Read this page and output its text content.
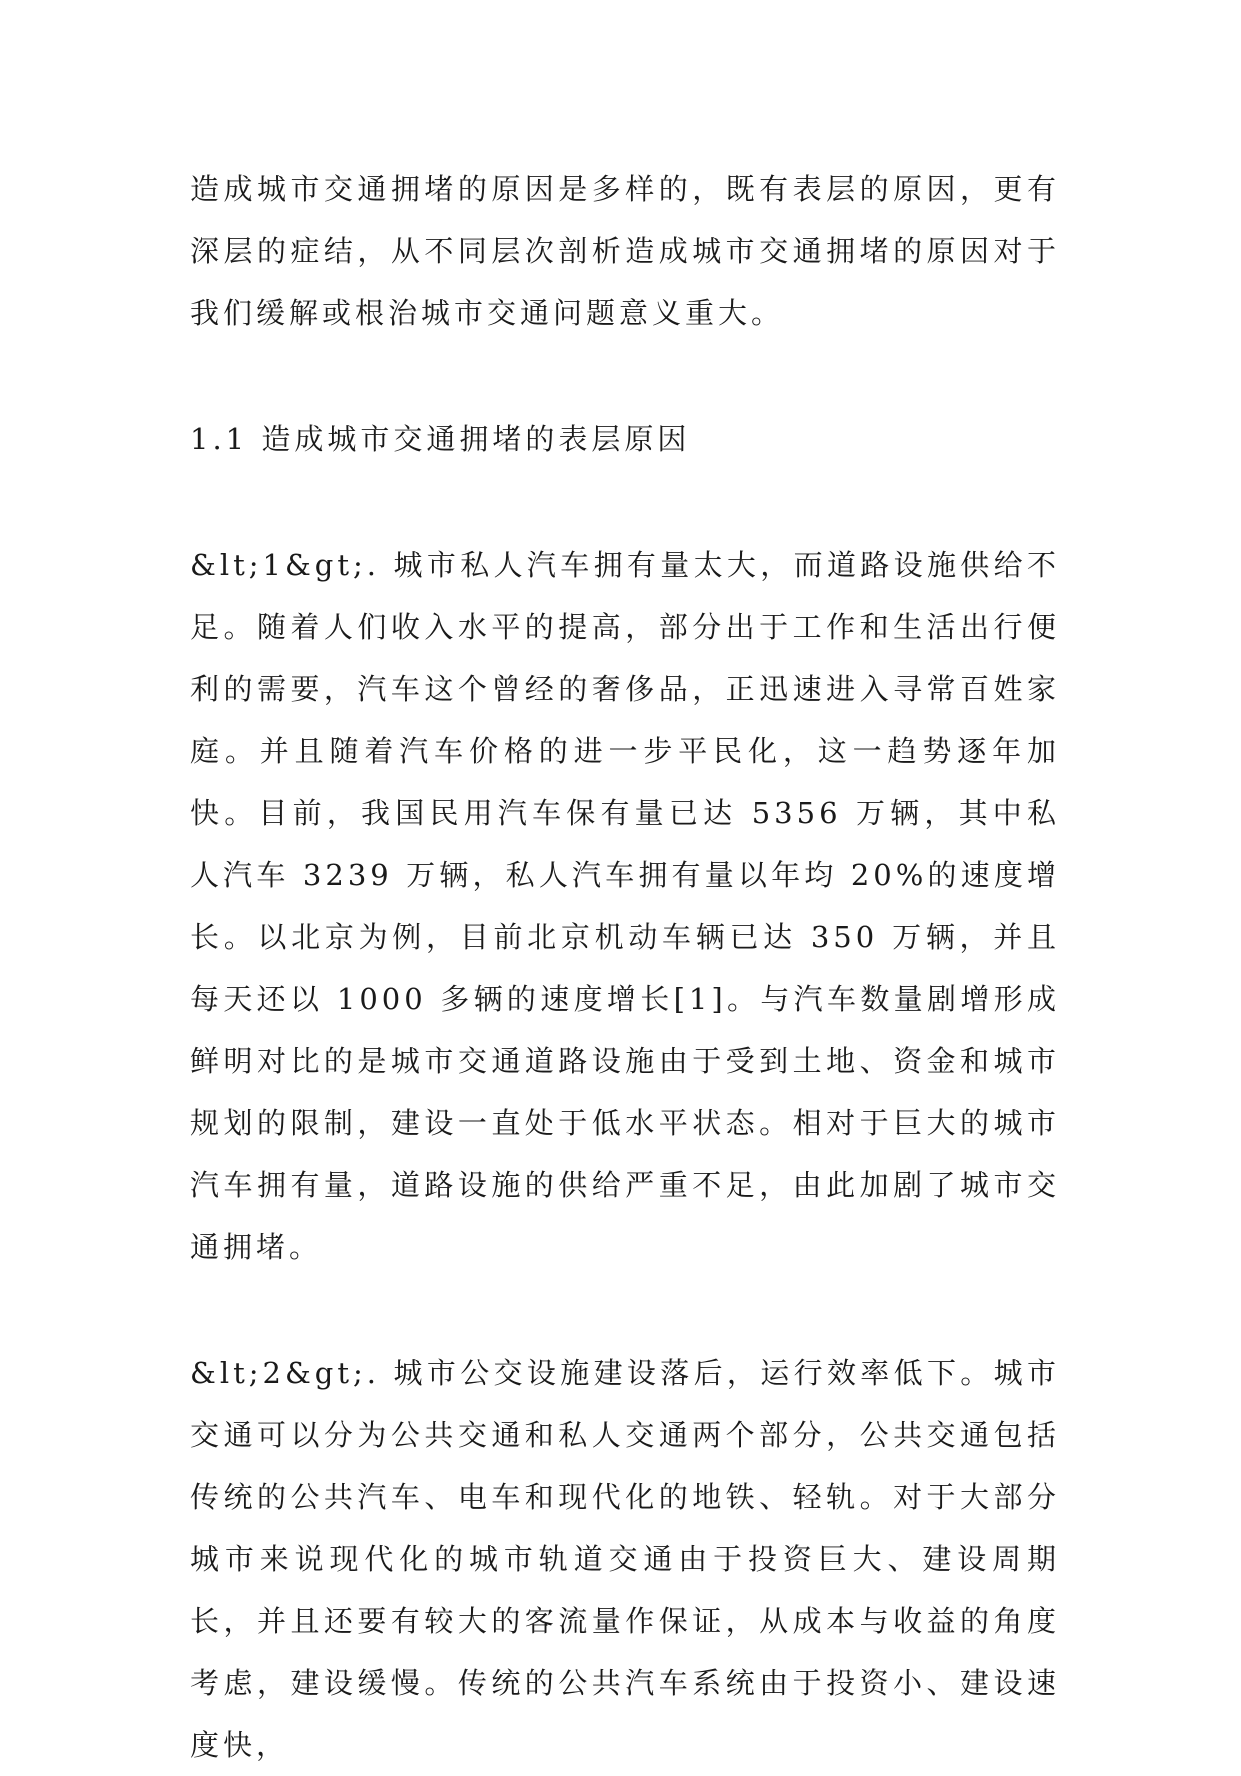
造成城市交通拥堵的原因是多样的，既有表层的原因，更有深层的症结，从不同层次剖析造成城市交通拥堵的原因对于我们缓解或根治城市交通问题意义重大。

1.1 造成城市交通拥堵的表层原因

&lt;1&gt;. 城市私人汽车拥有量太大，而道路设施供给不足。随着人们收入水平的提高，部分出于工作和生活出行便利的需要，汽车这个曾经的奢侈品，正迅速进入寻常百姓家庭。并且随着汽车价格的进一步平民化，这一趋势逐年加快。目前，我国民用汽车保有量已达 5356 万辆，其中私人汽车 3239 万辆，私人汽车拥有量以年均 20%的速度增长。以北京为例，目前北京机动车辆已达 350 万辆，并且每天还以 1000 多辆的速度增长[1]。与汽车数量剧增形成鲜明对比的是城市交通道路设施由于受到土地、资金和城市规划的限制，建设一直处于低水平状态。相对于巨大的城市汽车拥有量，道路设施的供给严重不足，由此加剧了城市交通拥堵。

&lt;2&gt;. 城市公交设施建设落后，运行效率低下。城市交通可以分为公共交通和私人交通两个部分，公共交通包括传统的公共汽车、电车和现代化的地铁、轻轨。对于大部分城市来说现代化的城市轨道交通由于投资巨大、建设周期长，并且还要有较大的客流量作保证，从成本与收益的角度考虑，建设缓慢。传统的公共汽车系统由于投资小、建设速度快，
